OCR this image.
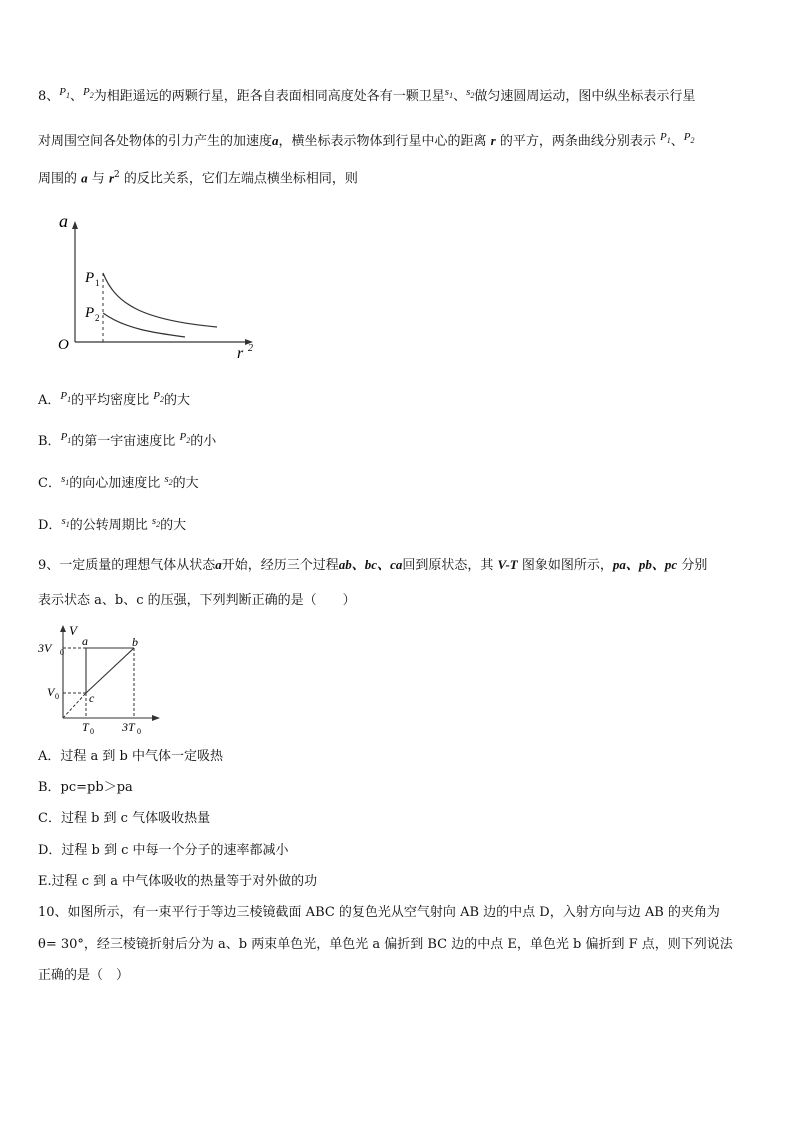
8、$^{P_1}$、$^{P_2}$为相距遥远的两颗行星，距各自表面相同高度处各有一颗卫星$^{s_1}$、$^{s_2}$做匀速圆周运动，图中纵坐标表示行星
对周围空间各处物体的引力产生的加速度a，横坐标表示物体到行星中心的距离 r 的平方，两条曲线分别表示 $^{P_1}$、$^{P_2}$
周围的 a 与 $r^2$ 的反比关系，它们左端点横坐标相同，则
a
r 2
O
P 1
P 2
A．$^{P_1}$的平均密度比 $^{P_2}$的大
B．$^{P_1}$的第一宇宙速度比 $^{P_2}$的小
C．$^{s_1}$的向心加速度比 $^{s_2}$的大
D．$^{s_1}$的公转周期比 $^{s_2}$的大
9、一定质量的理想气体从状态a开始，经历三个过程ab、bc、ca回到原状态，其 V-T 图象如图所示，pa、pb、pc 分别
表示状态 a、b、c 的压强，下列判断正确的是（　　）
V
3V 0
V 0
T 0 3T 0
a	b
c
A．过程 a 到 b 中气体一定吸热
B．pc=pb＞pa
C．过程 b 到 c 气体吸收热量
D．过程 b 到 c 中每一个分子的速率都减小
E.过程 c 到 a 中气体吸收的热量等于对外做的功
10、如图所示，有一束平行于等边三棱镜截面 ABC 的复色光从空气射向 AB 边的中点 D，入射方向与边 AB 的夹角为
θ= 30°，经三棱镜折射后分为 a、b 两束单色光，单色光 a 偏折到 BC 边的中点 E，单色光 b 偏折到 F 点，则下列说法
正确的是（　）
